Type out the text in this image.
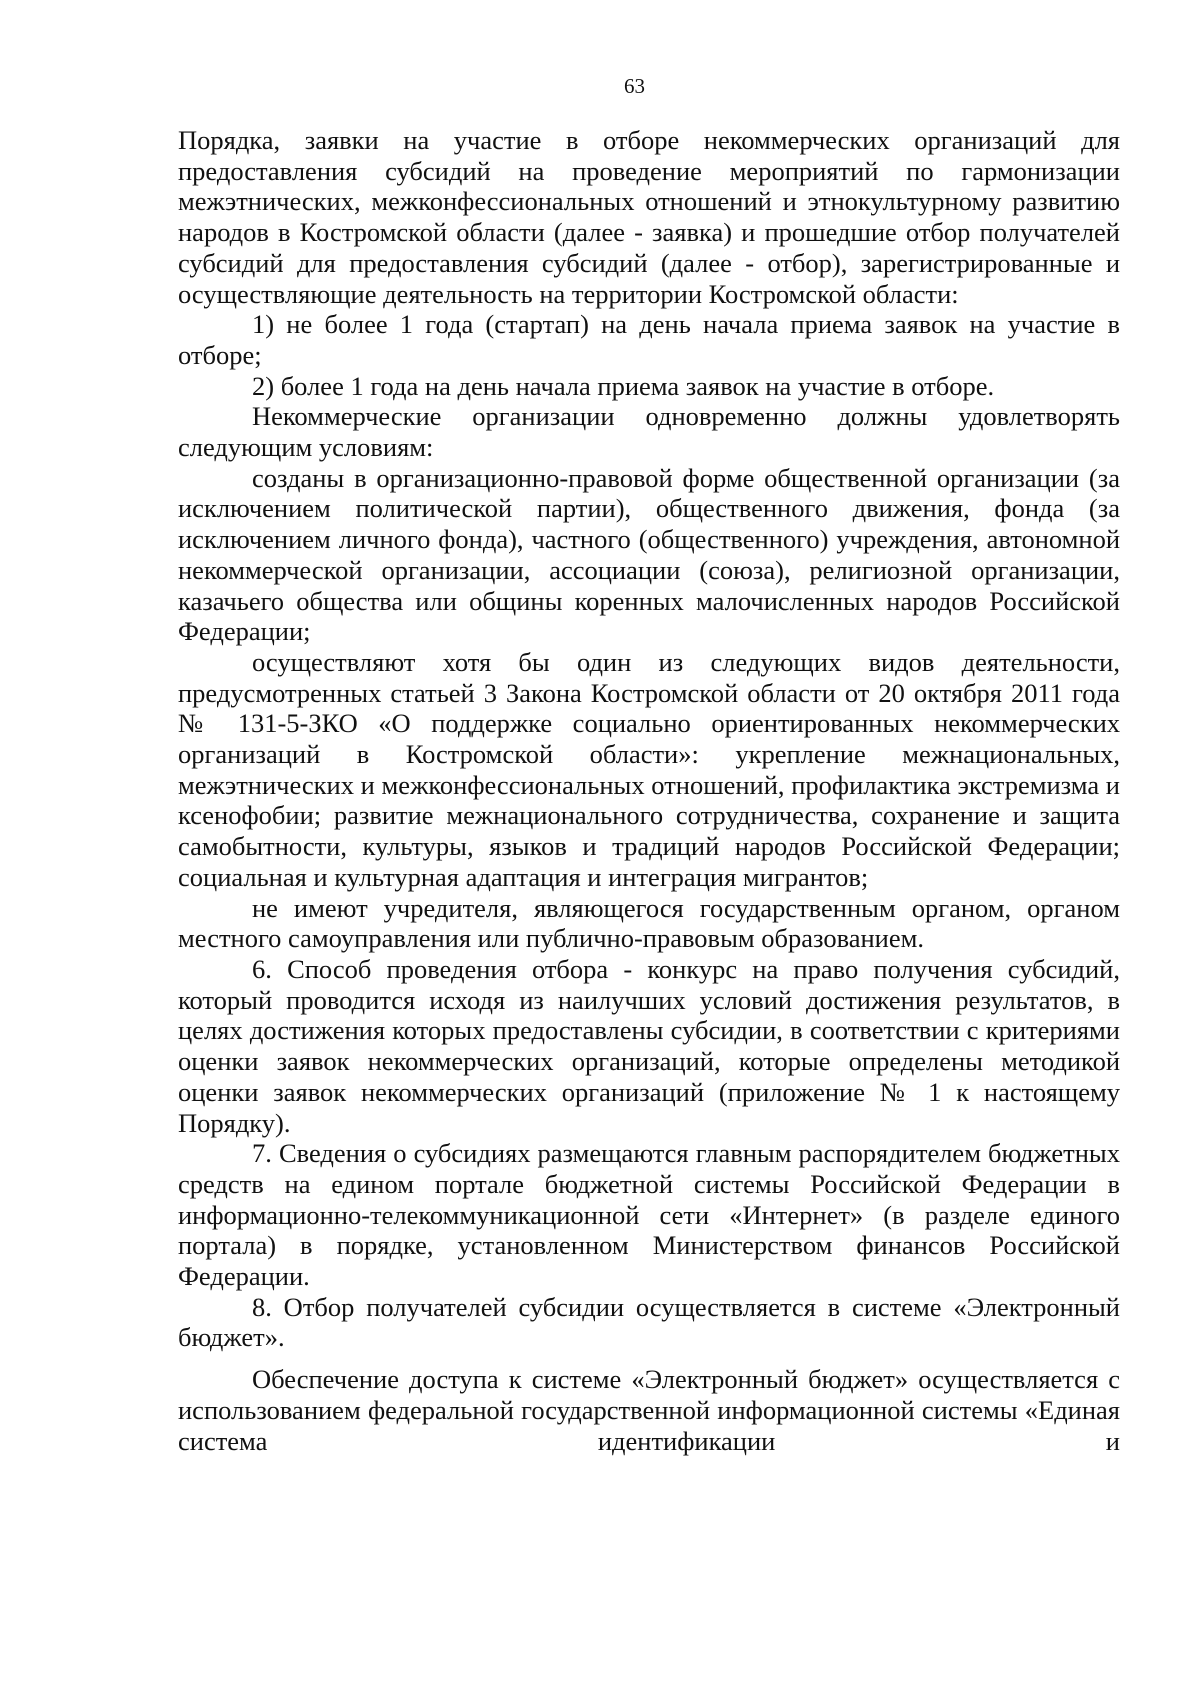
63

Порядка, заявки на участие в отборе некоммерческих организаций для предоставления субсидий на проведение мероприятий по гармонизации межэтнических, межконфессиональных отношений и этнокультурному развитию народов в Костромской области (далее - заявка) и прошедшие отбор получателей субсидий для предоставления субсидий (далее - отбор), зарегистрированные и осуществляющие деятельность на территории Костромской области:

1) не более 1 года (стартап) на день начала приема заявок на участие в отборе;

2) более 1 года на день начала приема заявок на участие в отборе.

Некоммерческие организации одновременно должны удовлетворять следующим условиям:

созданы в организационно-правовой форме общественной организации (за исключением политической партии), общественного движения, фонда (за исключением личного фонда), частного (общественного) учреждения, автономной некоммерческой организации, ассоциации (союза), религиозной организации, казачьего общества или общины коренных малочисленных народов Российской Федерации;

осуществляют хотя бы один из следующих видов деятельности, предусмотренных статьей 3 Закона Костромской области от 20 октября 2011 года № 131-5-ЗКО «О поддержке социально ориентированных некоммерческих организаций в Костромской области»: укрепление межнациональных, межэтнических и межконфессиональных отношений, профилактика экстремизма и ксенофобии; развитие межнационального сотрудничества, сохранение и защита самобытности, культуры, языков и традиций народов Российской Федерации; социальная и культурная адаптация и интеграция мигрантов;

не имеют учредителя, являющегося государственным органом, органом местного самоуправления или публично-правовым образованием.

6. Способ проведения отбора - конкурс на право получения субсидий, который проводится исходя из наилучших условий достижения результатов, в целях достижения которых предоставлены субсидии, в соответствии с критериями оценки заявок некоммерческих организаций, которые определены методикой оценки заявок некоммерческих организаций (приложение № 1 к настоящему Порядку).

7. Сведения о субсидиях размещаются главным распорядителем бюджетных средств на едином портале бюджетной системы Российской Федерации в информационно-телекоммуникационной сети «Интернет» (в разделе единого портала) в порядке, установленном Министерством финансов Российской Федерации.

8. Отбор получателей субсидии осуществляется в системе «Электронный бюджет».

Обеспечение доступа к системе «Электронный бюджет» осуществляется с использованием федеральной государственной информационной системы «Единая система идентификации и
